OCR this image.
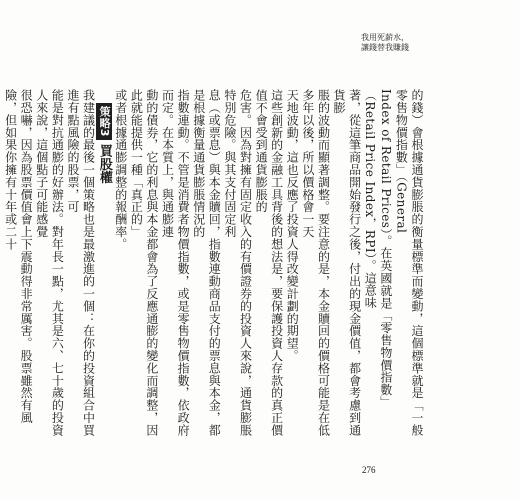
我用死薪水，
讓錢替我賺錢

的錢）會根據通貨膨脹的衡量標準而變動，這個標準就是「一般零售物價指數」（General

Index of Retail Prices）。在英國就是「零售物價指數」（Retail Price Index，RPI）。這意味

著，從這筆商品開始發行之後，付出的現金價值，都會考慮到通貨膨

脹的波動而顯著調整。要注意的是，本金贖回的價格可能是在低多年以後，所以價格會一天

天地波動，這也反應了投資人得改變計劃的期望。

這些創新的金融工具背後的想法是，要保護投資人存款的真正價值不會受到通貨膨脹的

危害。因為對擁有固定收入的有價證券的投資人來說，通貨膨脹特別危險。與其支付固定利

息（或票息）與本金贖回，指數連動商品支付的票息與本金，都是根據衡量通貨膨脹情況的

指數連動。不管是消費者物價指數，或是零售物價指數，依政府而定。在本質上，與通膨連

動的債券，它的利息與本金都會為了反應通膨的變化而調整，因此就能提供一種「真正的」

或者根據通膨調整的報酬率。

策略3
買股權

我建議的最後一個策略也是最激進的一個：在你的投資組合中買進有點風險的股票，可

能是對抗通膨的好辦法。對年長一點，尤其是六、七十歲的投資人來說，這個點子可能感覺

很恐嚇，因為股票價值會上下震動得非常厲害。股票雖然有風險，但如果你擁有十年或二十

276
